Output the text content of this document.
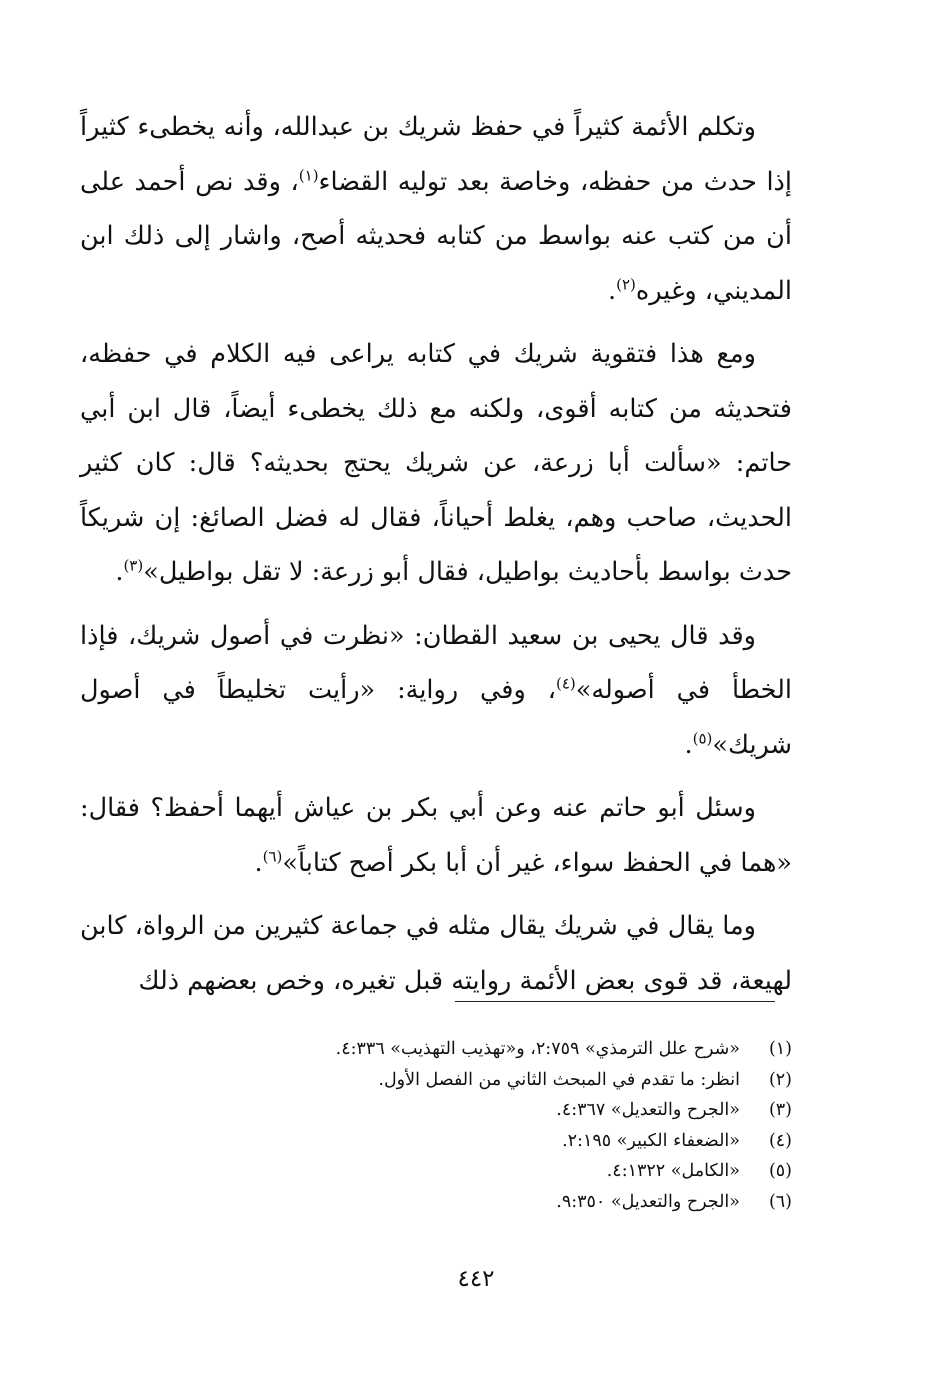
وتكلم الأئمة كثيراً في حفظ شريك بن عبدالله، وأنه يخطىء كثيراً إذا حدث من حفظه، وخاصة بعد توليه القضاء$^{(١)}$، وقد نص أحمد على أن من كتب عنه بواسط من كتابه فحديثه أصح، واشار إلى ذلك ابن المديني، وغيره$^{(٢)}$.

ومع هذا فتقوية شريك في كتابه يراعى فيه الكلام في حفظه، فتحديثه من كتابه أقوى، ولكنه مع ذلك يخطىء أيضاً، قال ابن أبي حاتم: «سألت أبا زرعة، عن شريك يحتج بحديثه؟ قال: كان كثير الحديث، صاحب وهم، يغلط أحياناً، فقال له فضل الصائغ: إن شريكاً حدث بواسط بأحاديث بواطيل، فقال أبو زرعة: لا تقل بواطيل»$^{(٣)}$.

وقد قال يحيى بن سعيد القطان: «نظرت في أصول شريك، فإذا الخطأ في أصوله»$^{(٤)}$، وفي رواية: «رأيت تخليطاً في أصول شريك»$^{(٥)}$.

وسئل أبو حاتم عنه وعن أبي بكر بن عياش أيهما أحفظ؟ فقال: «هما في الحفظ سواء، غير أن أبا بكر أصح كتاباً»$^{(٦)}$.

وما يقال في شريك يقال مثله في جماعة كثيرين من الرواة، كابن لهيعة، قد قوى بعض الأئمة روايته قبل تغيره، وخص بعضهم ذلك

(١)
«شرح علل الترمذي» ٢:٧٥٩، و«تهذيب التهذيب» ٤:٣٣٦.
(٢)
انظر: ما تقدم في المبحث الثاني من الفصل الأول.
(٣)
«الجرح والتعديل» ٤:٣٦٧.
(٤)
«الضعفاء الكبير» ٢:١٩٥.
(٥)
«الكامل» ٤:١٣٢٢.
(٦)
«الجرح والتعديل» ٩:٣٥٠.
٤٤٢
